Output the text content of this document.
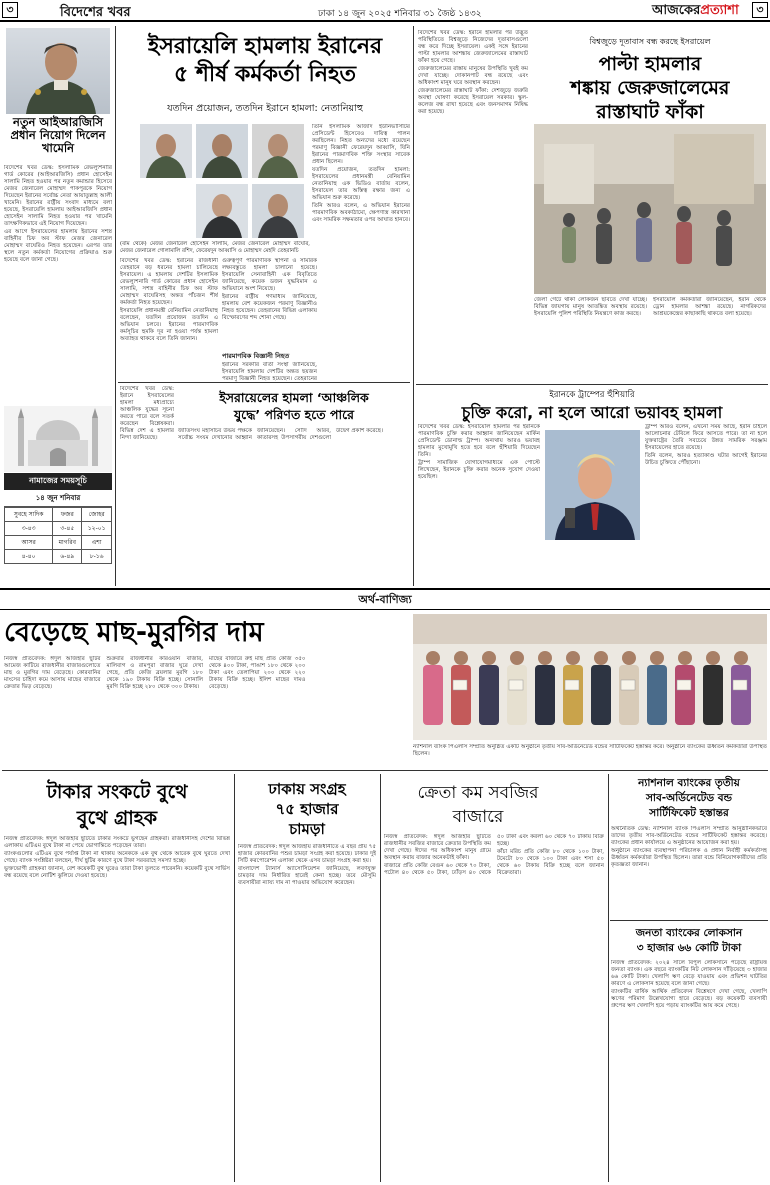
৩	বিদেশের খবর	ঢাকা ১৪ জুন ২০২৫ শনিবার ৩১ জৈষ্ঠ ১৪৩২	আজকেরপ্রত্যাশা	৩
নতুন আইআরজিসি প্রধান নিয়োগ দিলেন খামেনি

বিদেশের খবর ডেস্ক: ইসলামিক রেভল্যুশনারি গার্ড কোরের (আইআরজিসি) প্রধান হোসেইন সালামি নিহত হওয়ার পর নতুন কমান্ডার হিসেবে মেজর জেনারেল মোহাম্মদ পাকপুরকে নিয়োগ দিয়েছেন ইরানের সর্বোচ্চ নেতা আয়াতুল্লাহ আলী খামেনি। ইরানের রাষ্ট্রীয় সংবাদ মাধ্যমে বলা হয়েছে, ইসরায়েলি হামলায় আইআরজিসি প্রধান হোসেইন সালামি নিহত হওয়ার পর খামেনি তাৎক্ষণিকভাবে এই নিয়োগ দিয়েছেন।

এর আগে ইসরায়েলের হামলায় ইরানের সশস্ত্র বাহিনীর চিফ অব স্টাফ মেজর জেনারেল মোহাম্মদ বাঘেরিও নিহত হয়েছেন। এরপর তার স্থলে নতুন কর্মকর্তা নিয়োগের প্রক্রিয়াও শুরু হয়েছে বলে জানা গেছে।

নামাজের সময়সূচি
১৪ জুন শনিবার
সুবহে সাদিক	ফজর	জোহর
৩-৪৩	৩-৪৫	১২-০১
আসর	মাগরিব	এশা
৪-৪০	৬-৪৯	৮-১৬
ইসরায়েলি হামলায় ইরানের
৫ শীর্ষ কর্মকর্তা নিহত
যতদিন প্রয়োজন, ততদিন ইরানে হামলা: নেতানিয়াহু
(বাম থেকে) মেজর জেনারেল হোসেইন সালামি, মেজর জেনারেল মোহাম্মদ বাঘেরি, মেজর জেনারেল গোলামালি রশিদ, ফেরেয়দুন আব্বাসি ও মোহাম্মদ মেহদি তেহরানচি

বিদেশের খবর ডেস্ক: ইরানের রাজধানী তেহরানে বড় ধরনের হামলা চালিয়েছে ইসরায়েল। এ হামলায় দেশটির ইসলামিক রেভল্যুশনারি গার্ড কোরের প্রধান হোসেইন সালামি, সশস্ত্র বাহিনীর চিফ অব স্টাফ মোহাম্মদ বাঘেরিসহ অন্তত পাঁচজন শীর্ষ কর্মকর্তা নিহত হয়েছেন।

ইসরায়েলি প্রধানমন্ত্রী বেনিয়ামিন নেতানিয়াহু বলেছেন, যতদিন প্রয়োজন ততদিন এ অভিযান চলবে। ইরানের পারমাণবিক কর্মসূচির হুমকি দূর না হওয়া পর্যন্ত হামলা অব্যাহত থাকবে বলে তিনি জানান।

গুরুত্বপূর্ণ পারমাণবিক স্থাপনা ও সামরিক লক্ষ্যবস্তুতে হামলা চালানো হয়েছে। ইসরায়েলি সেনাবাহিনী এক বিবৃতিতে জানিয়েছে, কয়েক ডজন যুদ্ধবিমান এ অভিযানে অংশ নিয়েছে।

ইরানের রাষ্ট্রীয় গণমাধ্যম জানিয়েছে, হামলায় বেশ কয়েকজন পরমাণু বিজ্ঞানীও নিহত হয়েছেন। তেহরানের বিভিন্ন এলাকায় বিস্ফোরণের শব্দ শোনা গেছে।

পারমাণবিক বিজ্ঞানী নিহত
ইরানের সরকারি বার্তা সংস্থা জানিয়েছে, ইসরায়েলি হামলায় দেশটির অন্তত ছয়জন পরমাণু বিজ্ঞানী নিহত হয়েছেন। তেহরানের

তিনি ইসলামিক আজাদ ইউনিভার্সিটির প্রেসিডেন্ট হিসেবেও দায়িত্ব পালন করছিলেন। নিহত অন্যদের মধ্যে রয়েছেন পরমাণু বিজ্ঞানী ফেরেয়দুন আব্বাসি, যিনি ইরানের পারমাণবিক শক্তি সংস্থার সাবেক প্রধান ছিলেন।

যতদিন প্রয়োজন, ততদিন হামলা: ইসরায়েলের প্রধানমন্ত্রী বেনিয়ামিন নেতানিয়াহু এক ভিডিও বার্তায় বলেন, ইসরায়েল তার অস্তিত্ব রক্ষার জন্য এ অভিযান শুরু করেছে।

তিনি আরও বলেন, এ অভিযান ইরানের পারমাণবিক অবকাঠামো, ক্ষেপণাস্ত্র কারখানা এবং সামরিক সক্ষমতার ওপর আঘাত হানবে।

ইসরায়েলের হামলা ‘আঞ্চলিক
যুদ্ধে’ পরিণত হতে পারে
বিদেশের খবর ডেস্ক: ইরানে ইসরায়েলের হামলা মধ্যপ্রাচ্যে আঞ্চলিক যুদ্ধের সূচনা করতে পারে বলে সতর্ক করেছেন বিশ্লেষকরা। বিভিন্ন দেশ এ হামলার নিন্দা জানিয়েছে।
জাতিসংঘ মহাসচিব উভয় পক্ষকে সর্বোচ্চ সংযম দেখানোর আহ্বান জানিয়েছেন। সৌদি আরব, কাতারসহ উপসাগরীয় দেশগুলো উদ্বেগ প্রকাশ করেছে।

বিদেশের খবর ডেস্ক: ইরানে হামলার পর উদ্ভূত পরিস্থিতিতে বিশ্বজুড়ে নিজেদের দূতাবাসগুলো বন্ধ করে দিচ্ছে ইসরায়েল। একই সঙ্গে ইরানের পাল্টা হামলার আশঙ্কায় জেরুজালেমের রাস্তাঘাট ফাঁকা হয়ে গেছে।

জেরুজালেমের রাস্তায় মানুষের উপস্থিতি খুবই কম দেখা যাচ্ছে। দোকানপাট বন্ধ রয়েছে এবং অধিকাংশ মানুষ ঘরে অবস্থান করছেন।

জেরুজালেমের রাস্তাঘাট ফাঁকা: দেশজুড়ে জরুরি অবস্থা ঘোষণা করেছে ইসরায়েল সরকার। স্কুল-কলেজ বন্ধ রাখা হয়েছে এবং জনসমাগম নিষিদ্ধ করা হয়েছে।

বিশ্বজুড়ে দূতাবাস বন্ধ করছে ইসরায়েল
পাল্টা হামলার
শঙ্কায় জেরুজালেমের
রাস্তাঘাট ফাঁকা
জেলা গেটে থাকা লোকজন ছবিতে দেখা যাচ্ছে। বিভিন্ন জায়গায় মানুষ আতঙ্কিত অবস্থায় রয়েছে। ইসরায়েলি পুলিশ পরিস্থিতি নিয়ন্ত্রণে কাজ করছে।
ইসরায়েলি কর্মকর্তারা জানিয়েছেন, ইরান থেকে ড্রোন হামলার আশঙ্কা রয়েছে। নাগরিকদের আশ্রয়কেন্দ্রের কাছাকাছি থাকতে বলা হয়েছে।
ইরানকে ট্রাম্পের হুঁশিয়ারি
চুক্তি করো, না হলে আরো ভয়াবহ হামলা

বিদেশের খবর ডেস্ক: ইসরায়েলি হামলার পর ইরানকে পারমাণবিক চুক্তি করার আহ্বান জানিয়েছেন মার্কিন প্রেসিডেন্ট ডোনাল্ড ট্রাম্প। অন্যথায় আরও ভয়াবহ হামলার মুখোমুখি হতে হবে বলে হুঁশিয়ারি দিয়েছেন তিনি।

ট্রাম্প সামাজিক যোগাযোগমাধ্যমে এক পোস্টে লিখেছেন, ইরানকে চুক্তি করার অনেক সুযোগ দেওয়া হয়েছিল।

ট্রাম্প আরও বলেন, এখনো সময় আছে, ইরান চাইলে আলোচনার টেবিলে ফিরে আসতে পারে। তা না হলে যুক্তরাষ্ট্রের তৈরি সবচেয়ে উন্নত সামরিক সরঞ্জাম ইসরায়েলের হাতে রয়েছে।

তিনি বলেন, আরও হত্যাকাণ্ড ঘটার আগেই ইরানের উচিত চুক্তিতে পৌঁছানো।

অর্থ-বাণিজ্য
বেড়েছে মাছ-মুরগির দাম

নিজস্ব প্রতিবেদক: ঈদুল আজহার ছুটির আমেজ কাটিয়ে রাজধানীর বাজারগুলোতে মাছ ও মুরগির দাম বেড়েছে। কোরবানির মাংসের চাহিদা কমে আসায় মাছের বাজারে ক্রেতার ভিড় বেড়েছে।

শুক্রবার রাজধানীর কারওয়ান বাজার, মালিবাগ ও রামপুরা বাজার ঘুরে দেখা গেছে, প্রতি কেজি ব্রয়লার মুরগি ১৮০ থেকে ১৯০ টাকায় বিক্রি হচ্ছে। সোনালি মুরগি বিক্রি হচ্ছে ২৮০ থেকে ৩০০ টাকায়।

মাছের বাজারে রুই মাছ প্রতি কেজি ৩৫০ থেকে ৪০০ টাকা, পাঙাশ ১৮০ থেকে ২০০ টাকা এবং তেলাপিয়া ২০০ থেকে ২২০ টাকায় বিক্রি হচ্ছে। ইলিশ মাছের দামও বেড়েছে।

ন্যাশনাল ব্যাংক পিএলসি সম্প্রতি অনুষ্ঠিত একটি অনুষ্ঠানে তৃতীয় সাব-অর্ডিনেটেড বন্ডের সার্টিফিকেট হস্তান্তর করে। অনুষ্ঠানে ব্যাংকের ঊর্ধ্বতন কর্মকর্তারা উপস্থিত ছিলেন।
টাকার সংকটে বুথে
বুথে গ্রাহক

নিজস্ব প্রতিবেদক: ঈদুল আজহার ছুটিতে টাকার সংকটে ভুগছেন গ্রাহকরা। রাজধানীসহ দেশের বিভিন্ন এলাকায় এটিএম বুথে টাকা না পেয়ে ভোগান্তিতে পড়েছেন তারা।

ব্যাংকগুলোর এটিএম বুথে পর্যাপ্ত টাকা না থাকায় অনেককে এক বুথ থেকে আরেক বুথে ঘুরতে দেখা গেছে। ব্যাংক সংশ্লিষ্টরা বলছেন, দীর্ঘ ছুটির কারণে বুথে টাকা সরবরাহে সমস্যা হচ্ছে।

ভুক্তভোগী গ্রাহকরা জানান, বেশ কয়েকটি বুথ ঘুরেও তারা টাকা তুলতে পারেননি। কয়েকটি বুথে সার্ভিস বন্ধ রয়েছে বলে নোটিশ ঝুলিয়ে দেওয়া হয়েছে।

ঢাকায় সংগ্রহ
৭৫ হাজার
চামড়া

নিজস্ব প্রতিবেদক: ঈদুল আজহায় রাজধানীতে এ বছর প্রায় ৭৫ হাজার কোরবানির পশুর চামড়া সংগ্রহ করা হয়েছে। ঢাকার দুই সিটি করপোরেশন এলাকা থেকে এসব চামড়া সংগ্রহ করা হয়।

বাংলাদেশ ট্যানার্স অ্যাসোসিয়েশন জানিয়েছে, লবণযুক্ত চামড়ার দাম নির্ধারিত হারেই কেনা হচ্ছে। তবে মৌসুমি ব্যবসায়ীরা ন্যায্য দাম না পাওয়ার অভিযোগ করেছেন।

ক্রেতা কম সবজির
বাজারে

নিজস্ব প্রতিবেদক: ঈদুল আজহার ছুটিতে রাজধানীর সবজির বাজারে ক্রেতার উপস্থিতি কম দেখা গেছে। ঈদের পর অধিকাংশ মানুষ গ্রামে অবস্থান করায় বাজার অনেকটাই ফাঁকা।

বাজারে প্রতি কেজি বেগুন ৬০ থেকে ৭০ টাকা, পটোল ৪০ থেকে ৫০ টাকা, ঢ্যাঁড়স ৪০ থেকে ৫০ টাকা এবং করলা ৬০ থেকে ৭০ টাকায় বিক্রি হচ্ছে।

কাঁচা মরিচ প্রতি কেজি ৮০ থেকে ১০০ টাকা, টমেটো ৮০ থেকে ১০০ টাকা এবং শসা ৫০ থেকে ৬০ টাকায় বিক্রি হচ্ছে বলে জানান বিক্রেতারা।

ন্যাশনাল ব্যাংকের তৃতীয়
সাব-অর্ডিনেটেড বন্ড
সার্টিফিকেট হস্তান্তর

অর্থনৈতিক ডেস্ক: ন্যাশনাল ব্যাংক পিএলসি সম্প্রতি আনুষ্ঠানিকভাবে তাদের তৃতীয় সাব-অর্ডিনেটেড বন্ডের সার্টিফিকেট হস্তান্তর করেছে। ব্যাংকের প্রধান কার্যালয়ে এ অনুষ্ঠানের আয়োজন করা হয়।

অনুষ্ঠানে ব্যাংকের ব্যবস্থাপনা পরিচালক ও প্রধান নির্বাহী কর্মকর্তাসহ ঊর্ধ্বতন কর্মকর্তারা উপস্থিত ছিলেন। তারা বন্ডে বিনিয়োগকারীদের প্রতি কৃতজ্ঞতা জানান।

জনতা ব্যাংকের লোকসান
৩ হাজার ৬৬ কোটি টাকা

নিজস্ব প্রতিবেদক: ২০২৪ সালে বিপুল লোকসানে পড়েছে রাষ্ট্রায়ত্ত জনতা ব্যাংক। এক বছরে ব্যাংকটির নিট লোকসান দাঁড়িয়েছে ৩ হাজার ৬৬ কোটি টাকা। খেলাপি ঋণ বেড়ে যাওয়ায় এবং প্রভিশন ঘাটতির কারণে এ লোকসান হয়েছে বলে জানা গেছে।

ব্যাংকটির বার্ষিক আর্থিক প্রতিবেদন বিশ্লেষণে দেখা গেছে, খেলাপি ঋণের পরিমাণ উল্লেখযোগ্য হারে বেড়েছে। বড় কয়েকটি ব্যবসায়ী গ্রুপের ঋণ খেলাপি হয়ে পড়ায় ব্যাংকটির আয় কমে গেছে।
